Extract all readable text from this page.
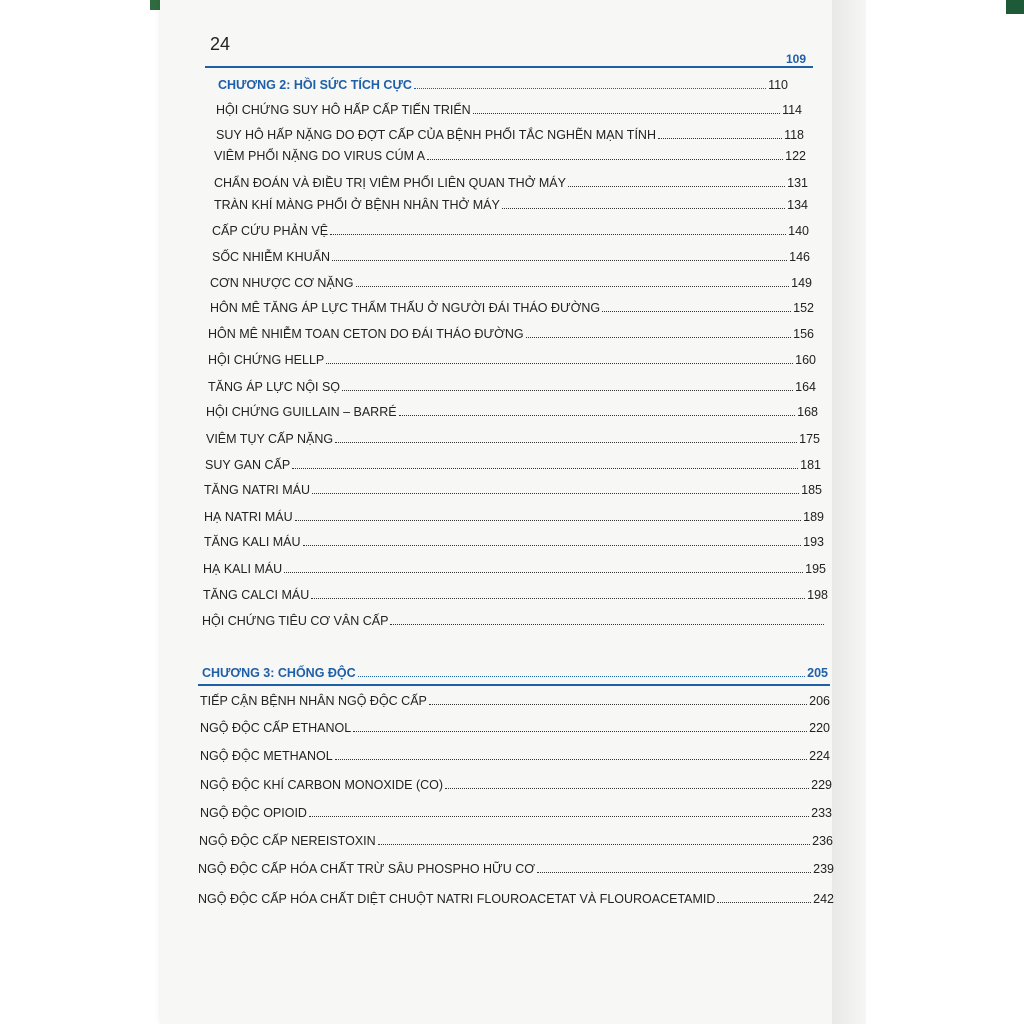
24
109
CHƯƠNG 2: HỒI SỨC TÍCH CỰC	110
HỘI CHỨNG SUY HÔ HẤP CẤP TIẾN TRIỂN	114
SUY HÔ HẤP NẶNG DO ĐỢT CẤP CỦA BỆNH PHỔI TẮC NGHẼN MẠN TÍNH	118
VIÊM PHỔI NẶNG DO VIRUS CÚM A	122
CHẨN ĐOÁN VÀ ĐIỀU TRỊ VIÊM PHỔI LIÊN QUAN THỞ MÁY	131
TRÀN KHÍ MÀNG PHỔI Ở BỆNH NHÂN THỞ MÁY	134
CẤP CỨU PHẢN VỆ	140
SỐC NHIỄM KHUẨN	146
CƠN NHƯỢC CƠ NẶNG	149
HÔN MÊ TĂNG ÁP LỰC THẨM THẤU Ở NGƯỜI ĐÁI THÁO ĐƯỜNG	152
HÔN MÊ NHIỄM TOAN CETON DO ĐÁI THÁO ĐƯỜNG	156
HỘI CHỨNG HELLP	160
TĂNG ÁP LỰC NỘI SỌ	164
HỘI CHỨNG GUILLAIN – BARRÉ	168
VIÊM TỤY CẤP NẶNG	175
SUY GAN CẤP	181
TĂNG NATRI MÁU	185
HẠ NATRI MÁU	189
TĂNG KALI MÁU	193
HẠ KALI MÁU	195
TĂNG CALCI MÁU	198
HỘI CHỨNG TIÊU CƠ VÂN CẤP
CHƯƠNG 3: CHỐNG ĐỘC	205
TIẾP CẬN BỆNH NHÂN NGỘ ĐỘC CẤP	206
NGỘ ĐỘC CẤP ETHANOL	220
NGỘ ĐỘC METHANOL	224
NGỘ ĐỘC KHÍ CARBON MONOXIDE (CO)	229
NGỘ ĐỘC OPIOID	233
NGỘ ĐỘC CẤP NEREISTOXIN	236
NGỘ ĐỘC CẤP HÓA CHẤT TRỪ SÂU PHOSPHO HỮU CƠ	239
NGỘ ĐỘC CẤP HÓA CHẤT DIỆT CHUỘT NATRI FLOUROACETAT VÀ FLOUROACETAMID	242
